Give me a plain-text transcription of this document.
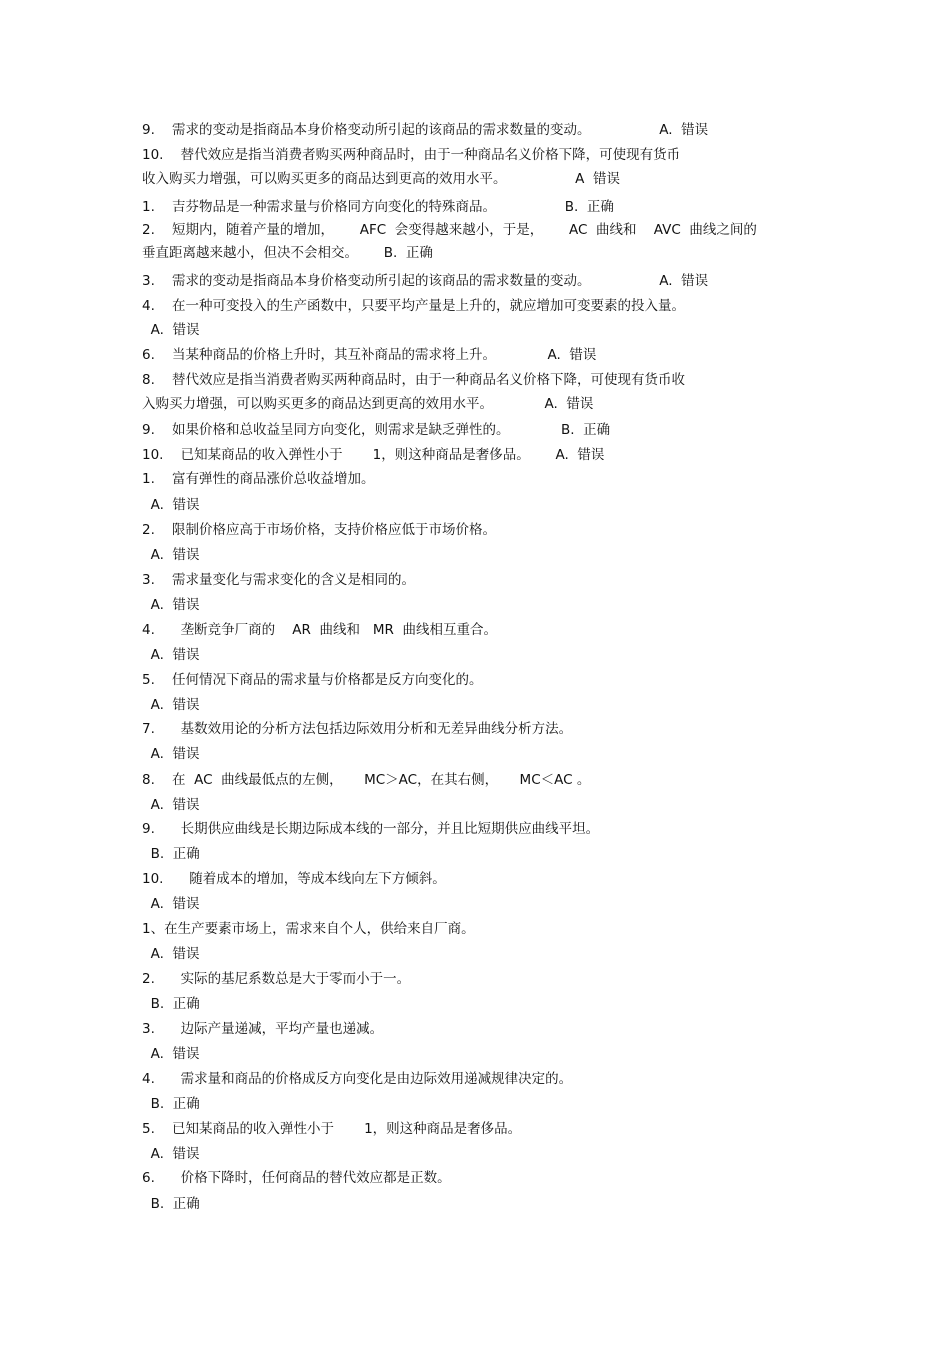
9.    需求的变动是指商品本身价格变动所引起的该商品的需求数量的变动。                A.  错误
10.    替代效应是指当消费者购买两种商品时，由于一种商品名义价格下降，可使现有货币
收入购买力增强，可以购买更多的商品达到更高的效用水平。                A  错误
1.    吉芬物品是一种需求量与价格同方向变化的特殊商品。                B.  正确
2.    短期内，随着产量的增加，      AFC  会变得越来越小，于是，      AC  曲线和    AVC  曲线之间的
垂直距离越来越小，但决不会相交。      B.  正确
3.    需求的变动是指商品本身价格变动所引起的该商品的需求数量的变动。                A.  错误
4.    在一种可变投入的生产函数中，只要平均产量是上升的，就应增加可变要素的投入量。
A.  错误
6.    当某种商品的价格上升时，其互补商品的需求将上升。            A.  错误
8.    替代效应是指当消费者购买两种商品时，由于一种商品名义价格下降，可使现有货币收
入购买力增强，可以购买更多的商品达到更高的效用水平。            A.  错误
9.    如果价格和总收益呈同方向变化，则需求是缺乏弹性的。            B.  正确
10.    已知某商品的收入弹性小于       1，则这种商品是奢侈品。      A.  错误
1.    富有弹性的商品涨价总收益增加。
A.  错误
2.    限制价格应高于市场价格，支持价格应低于市场价格。
A.  错误
3.    需求量变化与需求变化的含义是相同的。
A.  错误
4.      垄断竞争厂商的    AR  曲线和   MR  曲线相互重合。
A.  错误
5.    任何情况下商品的需求量与价格都是反方向变化的。
A.  错误
7.      基数效用论的分析方法包括边际效用分析和无差异曲线分析方法。
A.  错误
8.    在  AC  曲线最低点的左侧，     MC＞AC，在其右侧，     MC＜AC 。
A.  错误
9.      长期供应曲线是长期边际成本线的一部分，并且比短期供应曲线平坦。
B.  正确
10.      随着成本的增加，等成本线向左下方倾斜。
A.  错误
1、在生产要素市场上，需求来自个人，供给来自厂商。
A.  错误
2.      实际的基尼系数总是大于零而小于一。
B.  正确
3.      边际产量递减，平均产量也递减。
A.  错误
4.      需求量和商品的价格成反方向变化是由边际效用递减规律决定的。
B.  正确
5.    已知某商品的收入弹性小于       1，则这种商品是奢侈品。
A.  错误
6.      价格下降时，任何商品的替代效应都是正数。
B.  正确
